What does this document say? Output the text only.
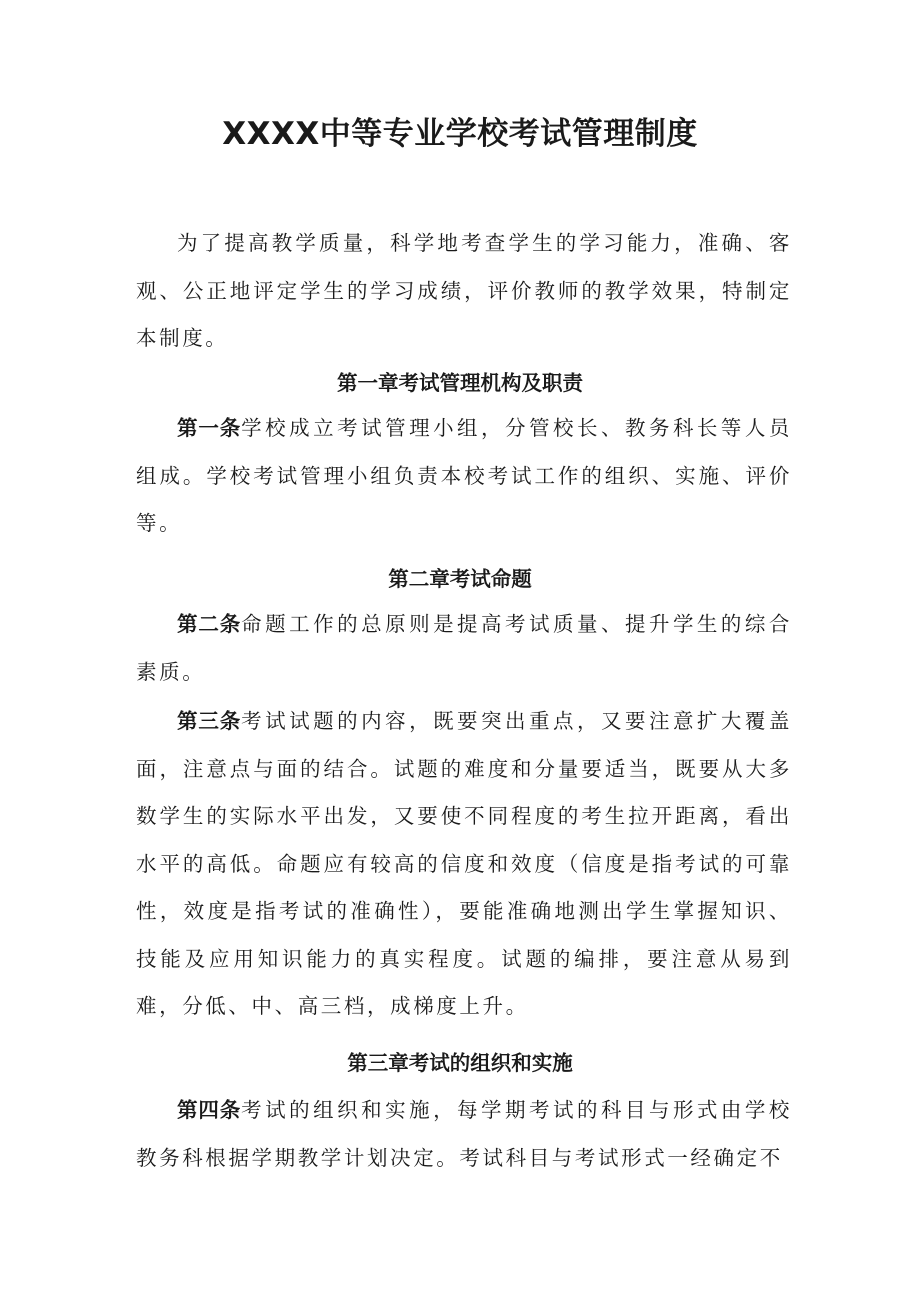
XXXX中等专业学校考试管理制度

为了提高教学质量，科学地考查学生的学习能力，准确、客观、公正地评定学生的学习成绩，评价教师的教学效果，特制定本制度。

第一章考试管理机构及职责

第一条学校成立考试管理小组，分管校长、教务科长等人员组成。学校考试管理小组负责本校考试工作的组织、实施、评价等。

第二章考试命题

第二条命题工作的总原则是提高考试质量、提升学生的综合素质。

第三条考试试题的内容，既要突出重点，又要注意扩大覆盖面，注意点与面的结合。试题的难度和分量要适当，既要从大多数学生的实际水平出发，又要使不同程度的考生拉开距离，看出水平的高低。命题应有较高的信度和效度（信度是指考试的可靠性，效度是指考试的准确性），要能准确地测出学生掌握知识、技能及应用知识能力的真实程度。试题的编排，要注意从易到难，分低、中、高三档，成梯度上升。

第三章考试的组织和实施

第四条考试的组织和实施，每学期考试的科目与形式由学校教务科根据学期教学计划决定。考试科目与考试形式一经确定不
